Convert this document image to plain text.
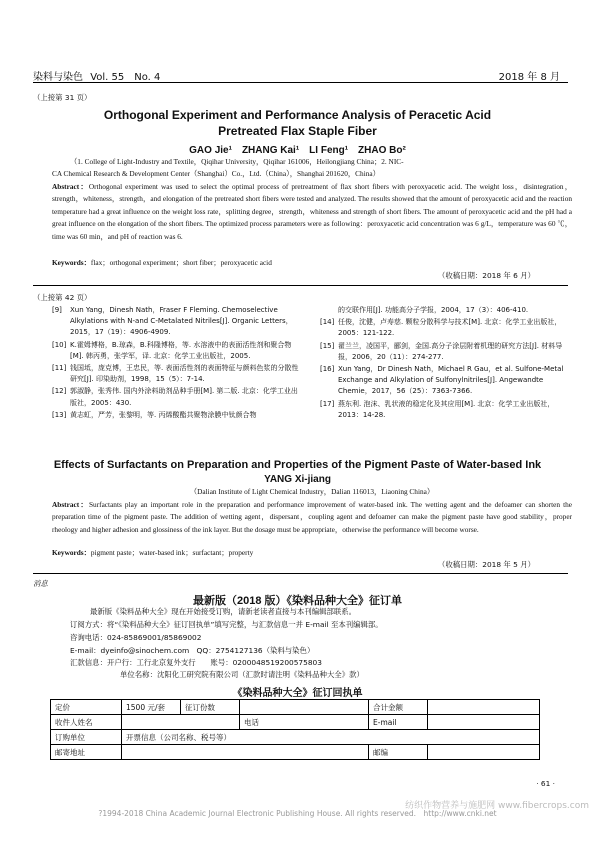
染料与染色 Vol. 55　No. 4	2018 年 8 月
（上接第 31 页）
Orthogonal Experiment and Performance Analysis of Peracetic Acid
Pretreated Flax Staple Fiber
GAO Jie¹　ZHANG Kai¹　LI Feng¹　ZHAO Bo²
（1. College of Light-Industry and Textile，Qiqihar University，Qiqihar 161006，Heilongjiang China；2. NIC-
CA Chemical Research & Development Center（Shanghai）Co.，Ltd.（China），Shanghai 201620，China）
Abstract：Orthogonal experiment was used to select the optimal process of pretreatment of flax short fibers with peroxyacetic acid. The weight loss，disintegration，strength，whiteness，strength，and elongation of the pretreated short fibers were tested and analyzed. The results showed that the amount of peroxyacetic acid and the reaction temperature had a great influence on the weight loss rate，splitting degree，strength，whiteness and strength of short fibers. The amount of peroxyacetic acid and the pH had a great influence on the elongation of the short fibers. The optimized process parameters were as following：peroxyacetic acid concentration was 6 g/L，temperature was 60 ℃，time was 60 min，and pH of reaction was 6.
Keywords：flax；orthogonal experiment；short fiber；peroxyacetic acid
（收稿日期：2018 年 6 月）
（上接第 42 页）
[9] Xun Yang，Dinesh Nath，Fraser F Fleming. Chemoselective Alkylations with N-and C-Metalated Nitriles[J]. Organic Letters，2015，17（19）：4906-4909.
[10] K.霍姆博格，B.琼森，B.科隆博格，等. 水溶液中的表面活性剂和聚合物[M]. 韩丙勇，张学军，译. 北京：化学工业出版社，2005.
[11] 钱国坻，庞克博，王忠民，等. 表面活性剂的表面特征与颜料色浆的分散性研究[J]. 印染助剂，1998，15（5）：7-14.
[12] 郭淑静，张秀伟. 国内外涂料助剂品种手册[M]. 第二版. 北京：化学工业出版社，2005：430.
[13] 黄志虹，严芳，张黎明，等. 丙烯酸酯共聚物涂膜中钛颜合物
的交联作用[J]. 功能高分子学报，2004，17（3）：406-410.
[14] 任俊，沈健，卢寿慈. 颗粒分散科学与技术[M]. 北京：化学工业出版社，2005：121-122.
[15] 翟兰兰，凌国平，郦剑，金国.高分子涂层附着机理的研究方法[J]. 材料导报，2006，20（11）：274-277.
[16] Xun Yang，Dr Dinesh Nath，Michael R Gau，et al. Sulfone-Metal Exchange and Alkylation of Sulfonylnitriles[J]. Angewandte Chemie，2017，56（25）：7363-7366.
[17] 燕东利. 泡沫、乳状液的稳定化及其应用[M]. 北京：化学工业出版社，2013：14-28.
Effects of Surfactants on Preparation and Properties of the Pigment Paste of Water-based Ink
YANG Xi-jiang
（Dalian Institute of Light Chemical Industry，Dalian 116013，Liaoning China）
Abstract：Surfactants play an important role in the preparation and performance improvement of water-based ink. The wetting agent and the defoamer can shorten the preparation time of the pigment paste. The addition of wetting agent，dispersant，coupling agent and defoamer can make the pigment paste have good stability，proper rheology and higher adhesion and glossiness of the ink layer. But the dosage must be appropriate，otherwise the performance will become worse.
Keywords：pigment paste；water-based ink；surfactant；property
（收稿日期：2018 年 5 月）
消息
最新版（2018 版）《染料品种大全》征订单
最新版《染料品种大全》现在开始接受订购，请新老读者直接与本刊编辑部联系。
订阅方式：将“《染料品种大全》征订回执单”填写完整，与汇款信息一并 E-mail 至本刊编辑部。
咨询电话：024-85869001/85869002
E-mail：dyeinfo@sinochem.com　QQ：2754127136（染料与染色）
汇款信息：开户行：工行北京复外支行　　账号：0200048519200575803
单位名称：沈阳化工研究院有限公司（汇款时请注明《染料品种大全》款）
《染料品种大全》征订回执单
定价	1500 元/套	征订份数		合计金额	
收件人姓名			电话	E-mail	
订购单位	开票信息（公司名称、税号等）				
邮寄地址				邮编	
· 61 ·
?1994-2018 China Academic Journal Electronic Publishing House. All rights reserved.　http://www.cnki.net
纺织作物营养与施肥网 www.fibercrops.com
